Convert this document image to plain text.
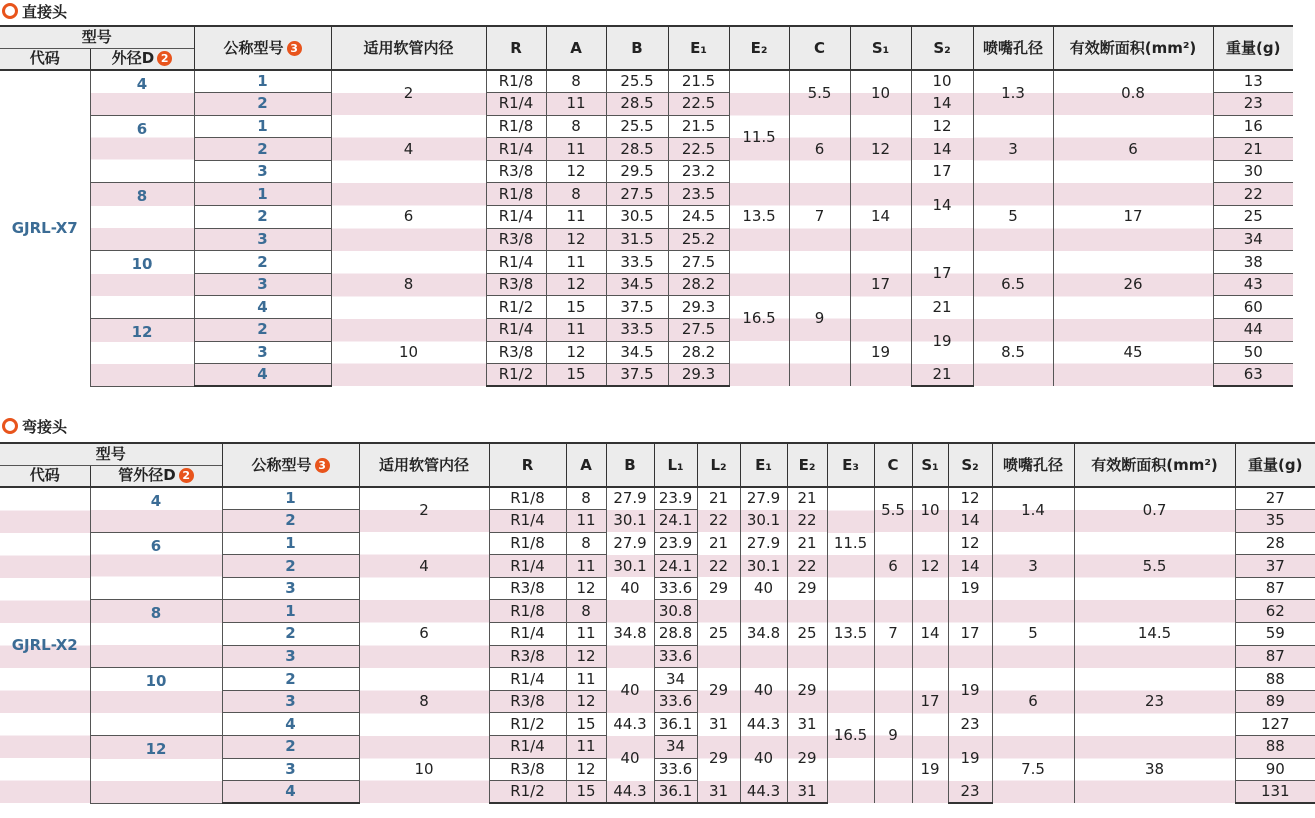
直接头
型号		公称型号 3	适用软管内径	R	A	B	E₁	E₂	C	S₁	S₂	喷嘴孔径	有效断面积(mm²)	重量(g)
代码	外径D 2													
GJRL-X7	4	1	2	R1/8	8	25.5	21.5		5.5	10	10	1.3	0.8	13
		2		R1/4	11	28.5	22.5	11.5			14			23
	6	1	4	R1/8	8	25.5	21.5		6	12	12	3	6	16
		2		R1/4	11	28.5	22.5				14			21
		3		R3/8	12	29.5	23.2				17			30
	8	1	6	R1/8	8	27.5	23.5	13.5	7	14	14	5	17	22
		2		R1/4	11	30.5	24.5							25
		3		R3/8	12	31.5	25.2							34
	10	2	8	R1/4	11	33.5	27.5	16.5	9	17	17	6.5	26	38
		3		R3/8	12	34.5	28.2							43
		4		R1/2	15	37.5	29.3				21			60
	12	2	10	R1/4	11	33.5	27.5			19	19	8.5	45	44
		3		R3/8	12	34.5	28.2							50
		4		R1/2	15	37.5	29.3				21			63
弯接头
型号		公称型号 3	适用软管内径	R	A	B	L₁	L₂	E₁	E₂	E₃	C	S₁	S₂	喷嘴孔径	有效断面积(mm²)	重量(g)
代码	管外径D 2																
GJRL-X2	4	1	2	R1/8	8	27.9	23.9	21	27.9	21	11.5	5.5	10	12	1.4	0.7	27
		2		R1/4	11	30.1	24.1	22	30.1	22				14			35
	6	1	4	R1/8	8	27.9	23.9	21	27.9	21		6	12	12	3	5.5	28
		2		R1/4	11	30.1	24.1	22	30.1	22				14			37
		3		R3/8	12	40	33.6	29	40	29				19			87
	8	1	6	R1/8	8	34.8	30.8	25	34.8	25	13.5	7	14	17	5	14.5	62
		2		R1/4	11		28.8										59
		3		R3/8	12		33.6										87
	10	2	8	R1/4	11	40	34	29	40	29	16.5	9	17	19	6	23	88
		3		R3/8	12		33.6										89
		4		R1/2	15	44.3	36.1	31	44.3	31				23			127
	12	2	10	R1/4	11	40	34	29	40	29			19	19	7.5	38	88
		3		R3/8	12		33.6										90
		4		R1/2	15	44.3	36.1	31	44.3	31				23			131
